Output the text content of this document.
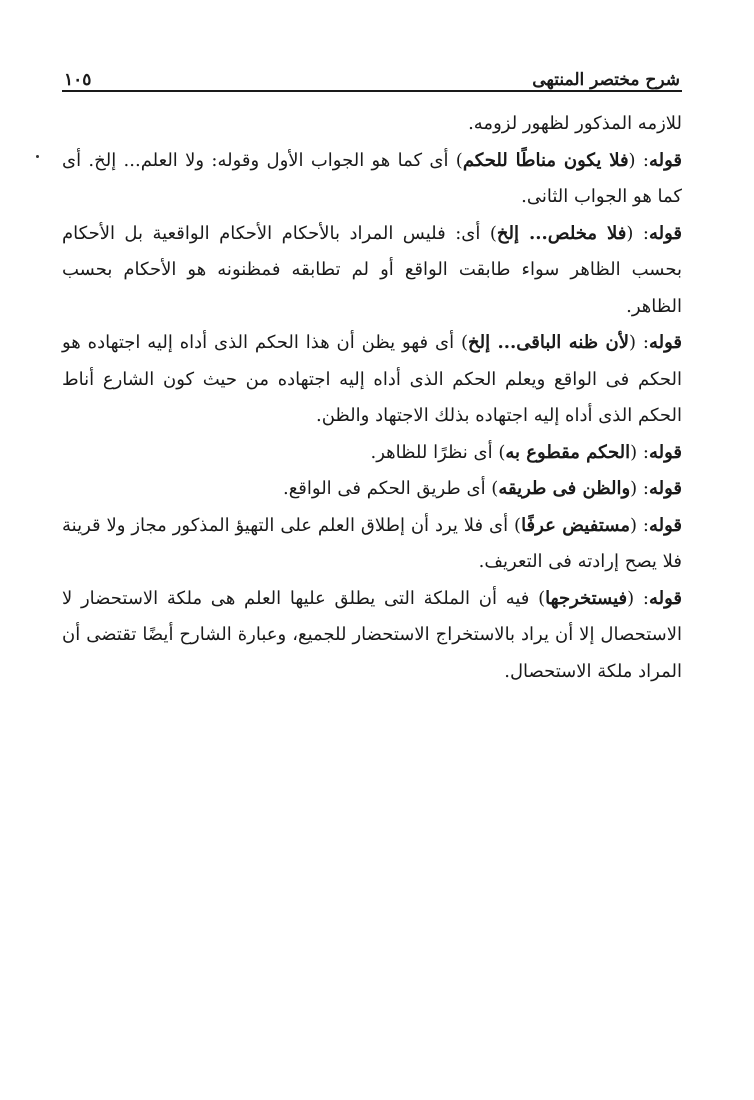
شرح مختصر المنتهى
١٠٥

للازمه المذكور لظهور لزومه.

قوله: (فلا يكون مناطًا للحكم) أى كما هو الجواب الأول وقوله: ولا العلم... إلخ. أى كما هو الجواب الثانى.

قوله: (فلا مخلص... إلخ) أى: فليس المراد بالأحكام الأحكام الواقعية بل الأحكام بحسب الظاهر سواء طابقت الواقع أو لم تطابقه فمظنونه هو الأحكام بحسب الظاهر.

قوله: (لأن ظنه الباقى... إلخ) أى فهو يظن أن هذا الحكم الذى أداه إليه اجتهاده هو الحكم فى الواقع ويعلم الحكم الذى أداه إليه اجتهاده من حيث كون الشارع أناط الحكم الذى أداه إليه اجتهاده بذلك الاجتهاد والظن.

قوله: (الحكم مقطوع به) أى نظرًا للظاهر.

قوله: (والظن فى طريقه) أى طريق الحكم فى الواقع.

قوله: (مستفيض عرفًا) أى فلا يرد أن إطلاق العلم على التهيؤ المذكور مجاز ولا قرينة فلا يصح إرادته فى التعريف.

قوله: (فيستخرجها) فيه أن الملكة التى يطلق عليها العلم هى ملكة الاستحضار لا الاستحصال إلا أن يراد بالاستخراج الاستحضار للجميع، وعبارة الشارح أيضًا تقتضى أن المراد ملكة الاستحصال.
